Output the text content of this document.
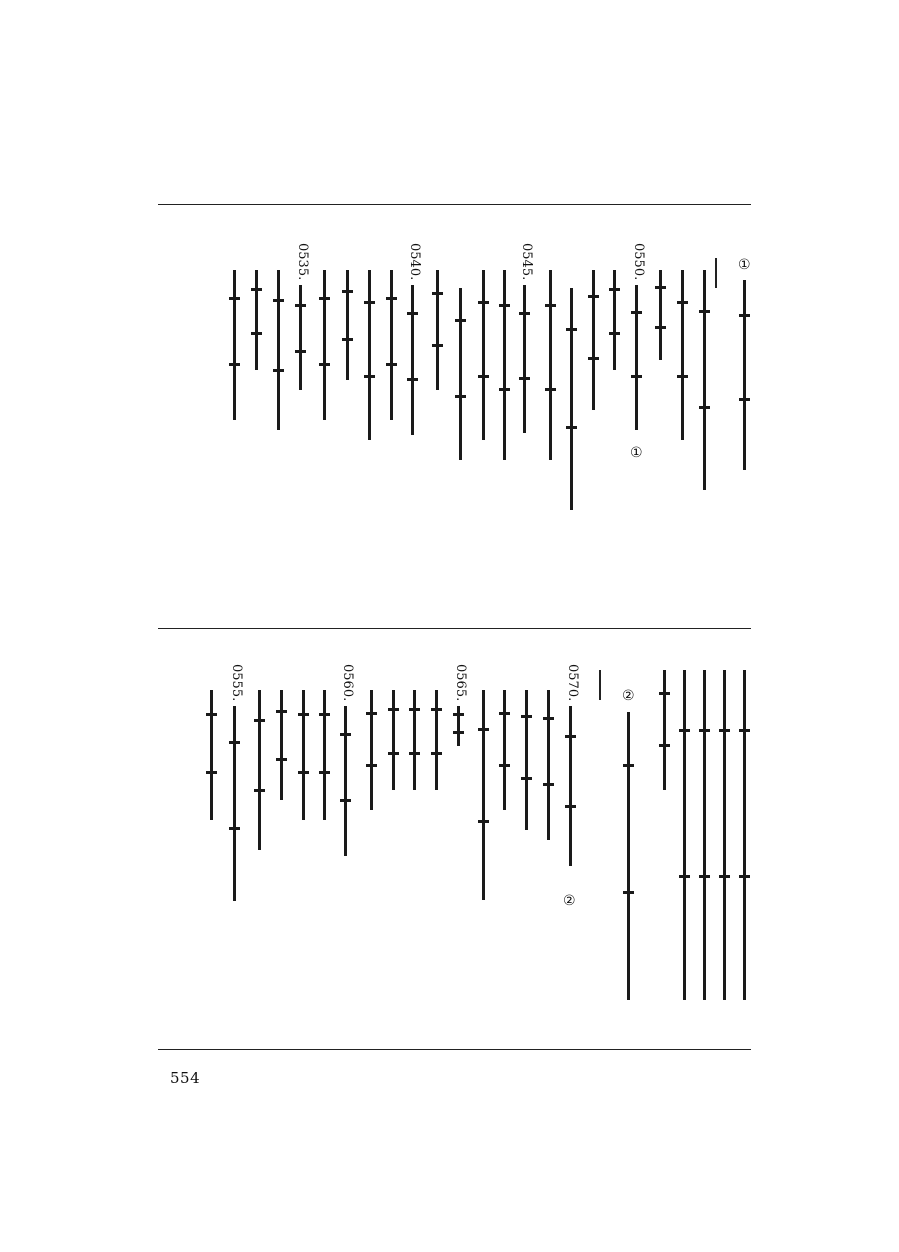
①
0550.
①
0545.
0540.
0535.
②
0570.
②
0565.
0560.
0555.
554
